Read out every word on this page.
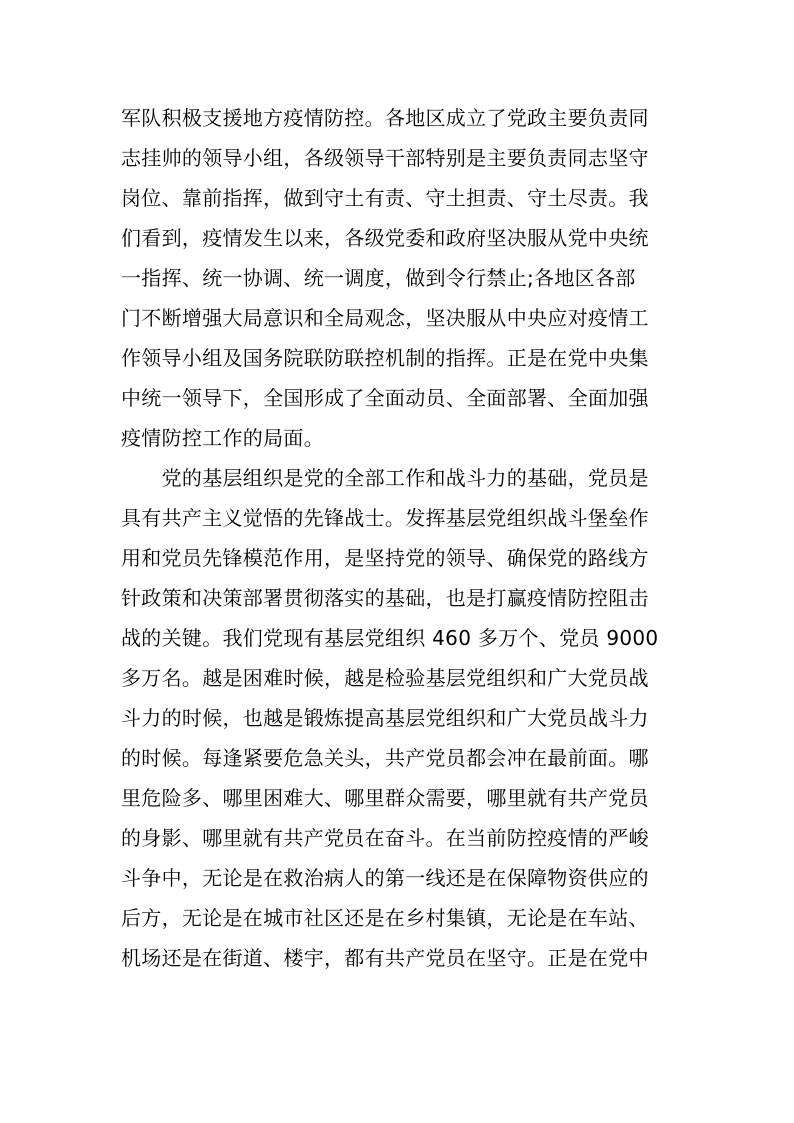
军队积极支援地方疫情防控。各地区成立了党政主要负责同
志挂帅的领导小组，各级领导干部特别是主要负责同志坚守
岗位、靠前指挥，做到守土有责、守土担责、守土尽责。我
们看到，疫情发生以来，各级党委和政府坚决服从党中央统
一指挥、统一协调、统一调度，做到令行禁止;各地区各部
门不断增强大局意识和全局观念，坚决服从中央应对疫情工
作领导小组及国务院联防联控机制的指挥。正是在党中央集
中统一领导下，全国形成了全面动员、全面部署、全面加强
疫情防控工作的局面。
　　党的基层组织是党的全部工作和战斗力的基础，党员是
具有共产主义觉悟的先锋战士。发挥基层党组织战斗堡垒作
用和党员先锋模范作用，是坚持党的领导、确保党的路线方
针政策和决策部署贯彻落实的基础，也是打赢疫情防控阻击
战的关键。我们党现有基层党组织 460 多万个、党员 9000
多万名。越是困难时候，越是检验基层党组织和广大党员战
斗力的时候，也越是锻炼提高基层党组织和广大党员战斗力
的时候。每逢紧要危急关头，共产党员都会冲在最前面。哪
里危险多、哪里困难大、哪里群众需要，哪里就有共产党员
的身影、哪里就有共产党员在奋斗。在当前防控疫情的严峻
斗争中，无论是在救治病人的第一线还是在保障物资供应的
后方，无论是在城市社区还是在乡村集镇，无论是在车站、
机场还是在街道、楼宇，都有共产党员在坚守。正是在党中
